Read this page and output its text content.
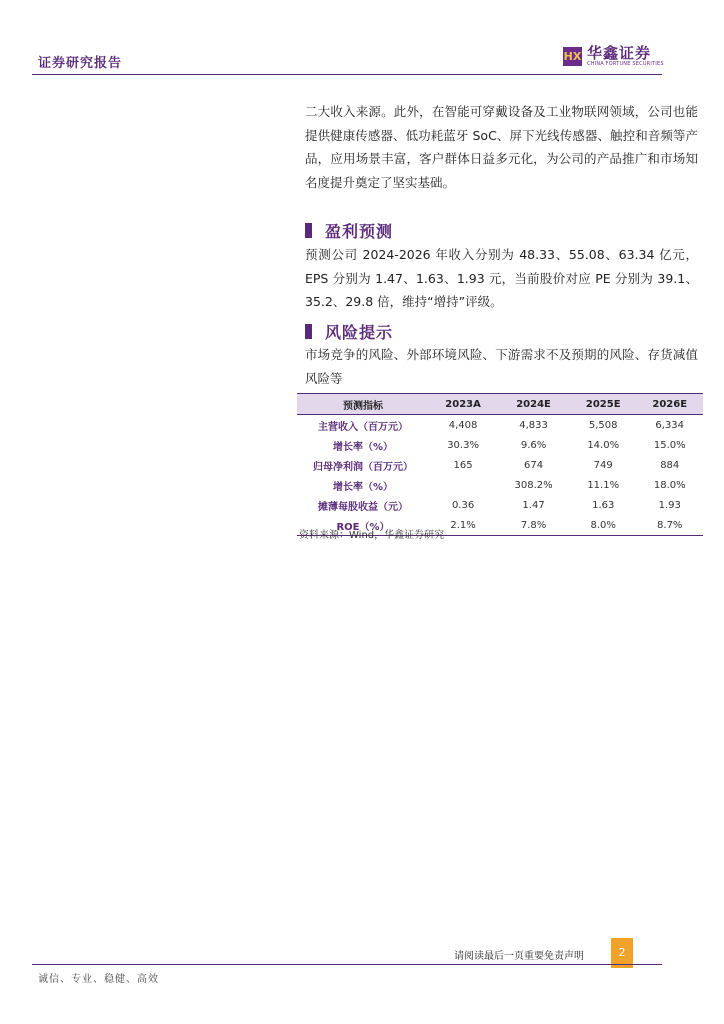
证券研究报告	HX 华鑫证券
CHINA FORTUNE SECURITIES
二大收入来源。此外，在智能可穿戴设备及工业物联网领域，公司也能提供健康传感器、低功耗蓝牙 SoC、屏下光线传感器、触控和音频等产品，应用场景丰富，客户群体日益多元化，为公司的产品推广和市场知名度提升奠定了坚实基础。
盈利预测
预测公司 2024-2026 年收入分别为 48.33、55.08、63.34 亿元，EPS 分别为 1.47、1.63、1.93 元，当前股价对应 PE 分别为 39.1、35.2、29.8 倍，维持“增持”评级。
风险提示
市场竞争的风险、外部环境风险、下游需求不及预期的风险、存货减值风险等
预测指标	2023A	2024E	2025E	2026E
主营收入（百万元）	4,408	4,833	5,508	6,334
增长率（%）	30.3%	9.6%	14.0%	15.0%
归母净利润（百万元）	165	674	749	884
增长率（%）		308.2%	11.1%	18.0%
摊薄每股收益（元）	0.36	1.47	1.63	1.93
ROE（%）	2.1%	7.8%	8.0%	8.7%
资料来源：Wind，华鑫证券研究
请阅读最后一页重要免责声明	2
诚信、专业、稳健、高效
